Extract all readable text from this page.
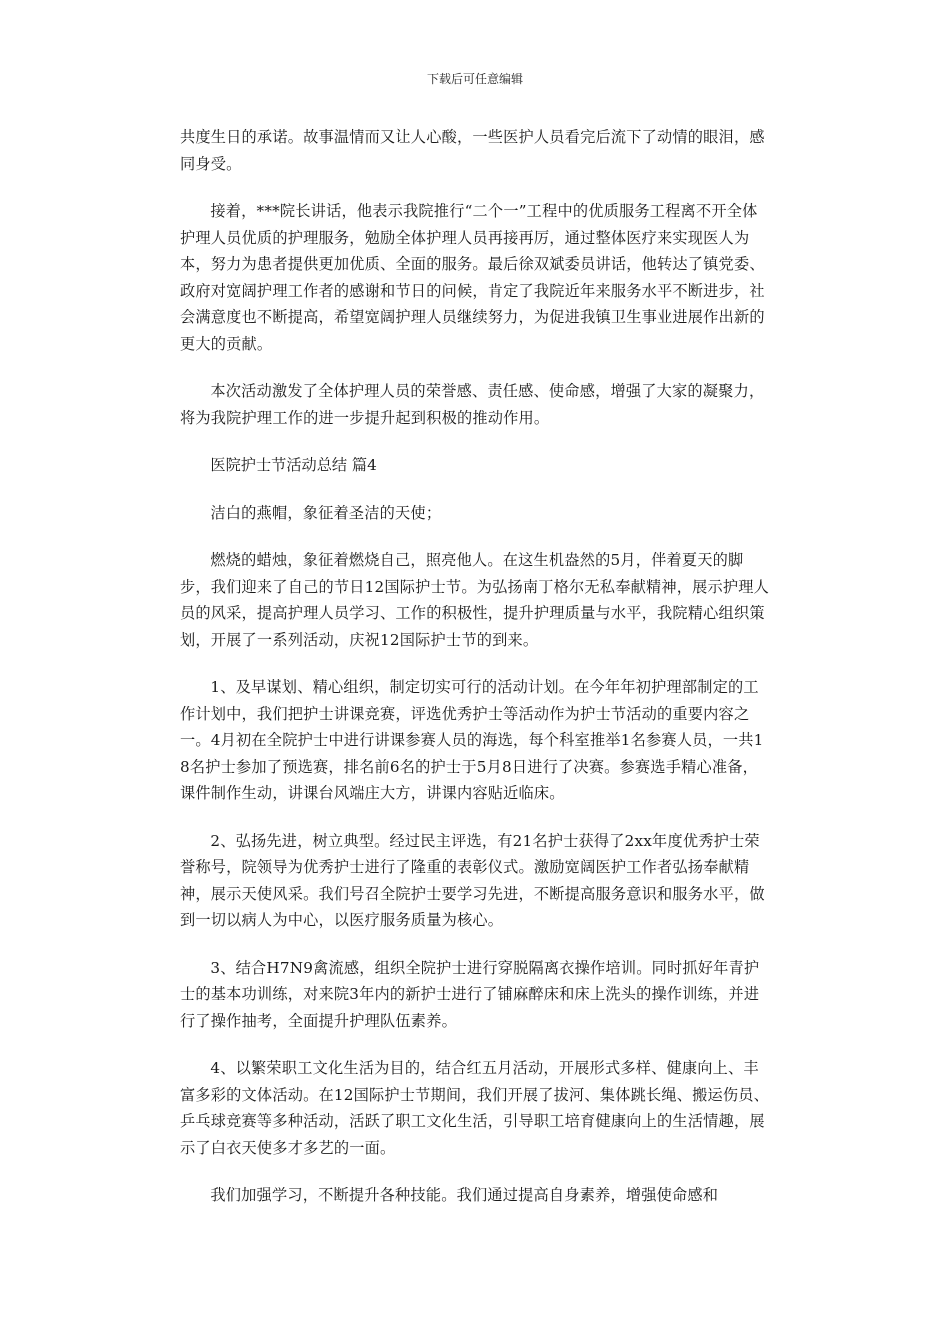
下载后可任意编辑

共度生日的承诺。故事温情而又让人心酸，一些医护人员看完后流下了动情的眼泪，感同身受。

接着，***院长讲话，他表示我院推行“二个一”工程中的优质服务工程离不开全体护理人员优质的护理服务，勉励全体护理人员再接再厉，通过整体医疗来实现医人为本，努力为患者提供更加优质、全面的服务。最后徐双斌委员讲话，他转达了镇党委、政府对宽阔护理工作者的感谢和节日的问候，肯定了我院近年来服务水平不断进步，社会满意度也不断提高，希望宽阔护理人员继续努力，为促进我镇卫生事业进展作出新的更大的贡献。

本次活动激发了全体护理人员的荣誉感、责任感、使命感，增强了大家的凝聚力，将为我院护理工作的进一步提升起到积极的推动作用。

医院护士节活动总结 篇4

洁白的燕帽，象征着圣洁的天使；

燃烧的蜡烛，象征着燃烧自己，照亮他人。在这生机盎然的5月，伴着夏天的脚步，我们迎来了自己的节日12国际护士节。为弘扬南丁格尔无私奉献精神，展示护理人员的风采，提高护理人员学习、工作的积极性，提升护理质量与水平，我院精心组织策划，开展了一系列活动，庆祝12国际护士节的到来。

1、及早谋划、精心组织，制定切实可行的活动计划。在今年年初护理部制定的工作计划中，我们把护士讲课竞赛，评选优秀护士等活动作为护士节活动的重要内容之一。4月初在全院护士中进行讲课参赛人员的海选，每个科室推举1名参赛人员，一共18名护士参加了预选赛，排名前6名的护士于5月8日进行了决赛。参赛选手精心准备，课件制作生动，讲课台风端庄大方，讲课内容贴近临床。

2、弘扬先进，树立典型。经过民主评选，有21名护士获得了2xx年度优秀护士荣誉称号，院领导为优秀护士进行了隆重的表彰仪式。激励宽阔医护工作者弘扬奉献精神，展示天使风采。我们号召全院护士要学习先进，不断提高服务意识和服务水平，做到一切以病人为中心，以医疗服务质量为核心。

3、结合H7N9禽流感，组织全院护士进行穿脱隔离衣操作培训。同时抓好年青护士的基本功训练，对来院3年内的新护士进行了铺麻醉床和床上洗头的操作训练，并进行了操作抽考，全面提升护理队伍素养。

4、以繁荣职工文化生活为目的，结合红五月活动，开展形式多样、健康向上、丰富多彩的文体活动。在12国际护士节期间，我们开展了拔河、集体跳长绳、搬运伤员、乒乓球竞赛等多种活动，活跃了职工文化生活，引导职工培育健康向上的生活情趣，展示了白衣天使多才多艺的一面。

我们加强学习，不断提升各种技能。我们通过提高自身素养，增强使命感和
